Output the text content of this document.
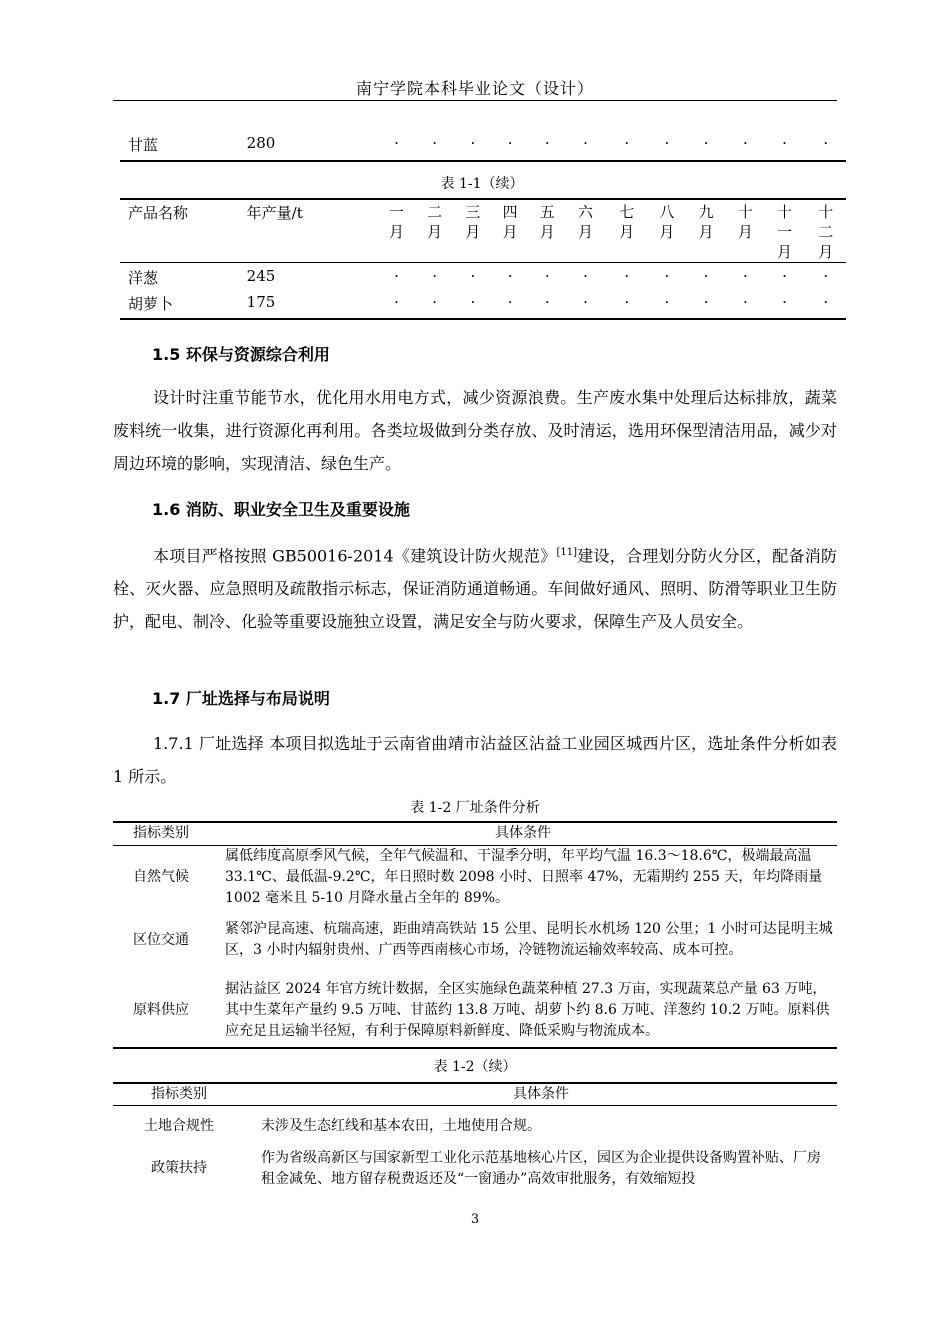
南宁学院本科毕业论文（设计）
	甘蓝	280	·	·	·	·	·	·	·	·	·	·	·	·
表 1-1（续）
	产品名称	年产量/t	一月	二月	三月	四月	五月	六月	七月	八月	九月	十月	十一月	十二月
	洋葱	245	·	·	·	·	·	·	·	·	·	·	·	·
	胡萝卜	175	·	·	·	·	·	·	·	·	·	·	·	·
1.5 环保与资源综合利用

设计时注重节能节水，优化用水用电方式，减少资源浪费。生产废水集中处理后达标排放，蔬菜废料统一收集，进行资源化再利用。各类垃圾做到分类存放、及时清运，选用环保型清洁用品，减少对周边环境的影响，实现清洁、绿色生产。

1.6 消防、职业安全卫生及重要设施

本项目严格按照 GB50016-2014《建筑设计防火规范》[11]建设，合理划分防火分区，配备消防栓、灭火器、应急照明及疏散指示标志，保证消防通道畅通。车间做好通风、照明、防滑等职业卫生防护，配电、制冷、化验等重要设施独立设置，满足安全与防火要求，保障生产及人员安全。

1.7 厂址选择与布局说明

1.7.1 厂址选择 本项目拟选址于云南省曲靖市沾益区沾益工业园区城西片区，选址条件分析如表 1 所示。

表 1-2 厂址条件分析
指标类别	具体条件
自然气候	属低纬度高原季风气候，全年气候温和、干湿季分明，年平均气温 16.3～18.6℃，极端最高温 33.1℃、最低温-9.2℃，年日照时数 2098 小时、日照率 47%，无霜期约 255 天，年均降雨量 1002 毫米且 5-10 月降水量占全年的 89%。
区位交通	紧邻沪昆高速、杭瑞高速，距曲靖高铁站 15 公里、昆明长水机场 120 公里；1 小时可达昆明主城区，3 小时内辐射贵州、广西等西南核心市场，冷链物流运输效率较高、成本可控。
原料供应	据沾益区 2024 年官方统计数据，全区实施绿色蔬菜种植 27.3 万亩，实现蔬菜总产量 63 万吨，其中生菜年产量约 9.5 万吨、甘蓝约 13.8 万吨、胡萝卜约 8.6 万吨、洋葱约 10.2 万吨。原料供应充足且运输半径短，有利于保障原料新鲜度、降低采购与物流成本。
表 1-2（续）
指标类别	具体条件
土地合规性	未涉及生态红线和基本农田，土地使用合规。
政策扶持	作为省级高新区与国家新型工业化示范基地核心片区，园区为企业提供设备购置补贴、厂房租金减免、地方留存税费返还及“一窗通办”高效审批服务，有效缩短投
3
